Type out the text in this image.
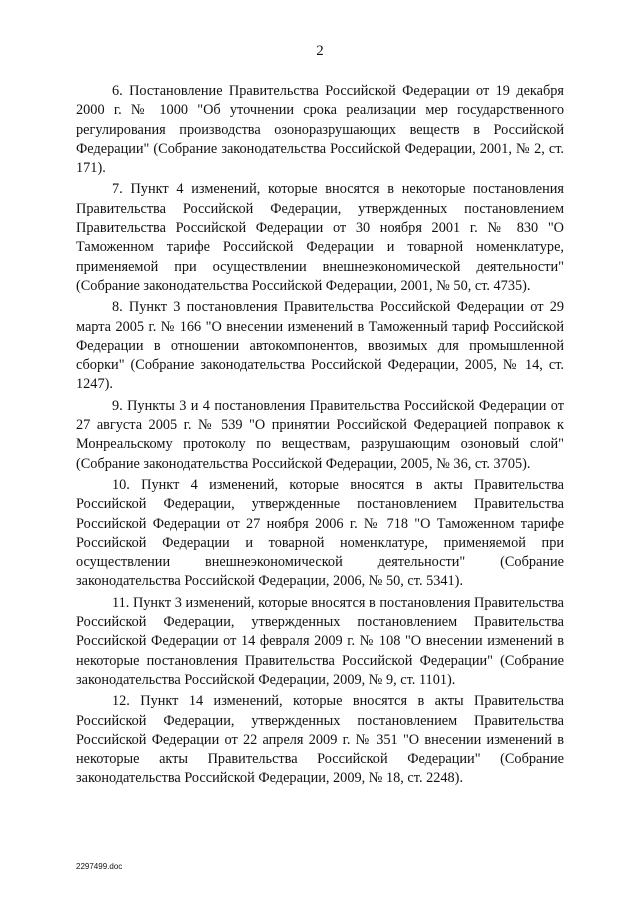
2

6. Постановление Правительства Российской Федерации от 19 декабря 2000 г. № 1000 "Об уточнении срока реализации мер государственного регулирования производства озоноразрушающих веществ в Российской Федерации" (Собрание законодательства Российской Федерации, 2001, № 2, ст. 171).

7. Пункт 4 изменений, которые вносятся в некоторые постановления Правительства Российской Федерации, утвержденных постановлением Правительства Российской Федерации от 30 ноября 2001 г. № 830 "О Таможенном тарифе Российской Федерации и товарной номенклатуре, применяемой при осуществлении внешнеэкономической деятельности" (Собрание законодательства Российской Федерации, 2001, № 50, ст. 4735).

8. Пункт 3 постановления Правительства Российской Федерации от 29 марта 2005 г. № 166 "О внесении изменений в Таможенный тариф Российской Федерации в отношении автокомпонентов, ввозимых для промышленной сборки" (Собрание законодательства Российской Федерации, 2005, № 14, ст. 1247).

9. Пункты 3 и 4 постановления Правительства Российской Федерации от 27 августа 2005 г. № 539 "О принятии Российской Федерацией поправок к Монреальскому протоколу по веществам, разрушающим озоновый слой" (Собрание законодательства Российской Федерации, 2005, № 36, ст. 3705).

10. Пункт 4 изменений, которые вносятся в акты Правительства Российской Федерации, утвержденные постановлением Правительства Российской Федерации от 27 ноября 2006 г. № 718 "О Таможенном тарифе Российской Федерации и товарной номенклатуре, применяемой при осуществлении внешнеэкономической деятельности" (Собрание законодательства Российской Федерации, 2006, № 50, ст. 5341).

11. Пункт 3 изменений, которые вносятся в постановления Правительства Российской Федерации, утвержденных постановлением Правительства Российской Федерации от 14 февраля 2009 г. № 108 "О внесении изменений в некоторые постановления Правительства Российской Федерации" (Собрание законодательства Российской Федерации, 2009, № 9, ст. 1101).

12. Пункт 14 изменений, которые вносятся в акты Правительства Российской Федерации, утвержденных постановлением Правительства Российской Федерации от 22 апреля 2009 г. № 351 "О внесении изменений в некоторые акты Правительства Российской Федерации" (Собрание законодательства Российской Федерации, 2009, № 18, ст. 2248).

2297499.doc
